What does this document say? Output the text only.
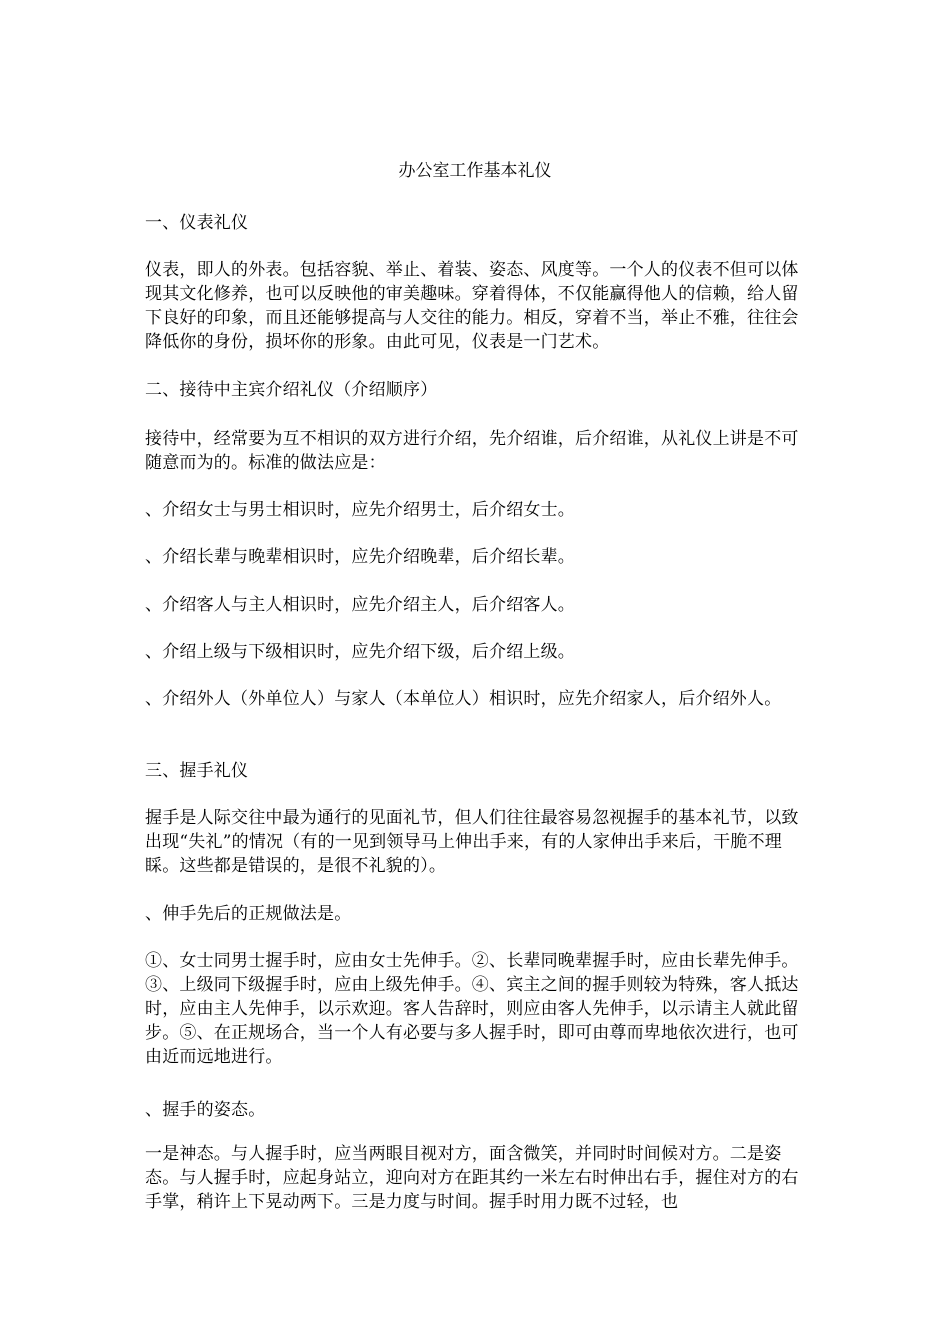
办公室工作基本礼仪

一、仪表礼仪

仪表，即人的外表。包括容貌、举止、着装、姿态、风度等。一个人的仪表不但可以体现其文化修养，也可以反映他的审美趣味。穿着得体，不仅能赢得他人的信赖，给人留下良好的印象，而且还能够提高与人交往的能力。相反，穿着不当，举止不雅，往往会降低你的身份，损坏你的形象。由此可见，仪表是一门艺术。

二、接待中主宾介绍礼仪（介绍顺序）

接待中，经常要为互不相识的双方进行介绍，先介绍谁，后介绍谁，从礼仪上讲是不可随意而为的。标准的做法应是：

、介绍女士与男士相识时，应先介绍男士，后介绍女士。

、介绍长辈与晚辈相识时，应先介绍晚辈，后介绍长辈。

、介绍客人与主人相识时，应先介绍主人，后介绍客人。

、介绍上级与下级相识时，应先介绍下级，后介绍上级。

、介绍外人（外单位人）与家人（本单位人）相识时，应先介绍家人，后介绍外人。

三、握手礼仪

握手是人际交往中最为通行的见面礼节，但人们往往最容易忽视握手的基本礼节，以致出现“失礼”的情况（有的一见到领导马上伸出手来，有的人家伸出手来后，干脆不理睬。这些都是错误的，是很不礼貌的）。

、伸手先后的正规做法是。

①、女士同男士握手时，应由女士先伸手。②、长辈同晚辈握手时，应由长辈先伸手。③、上级同下级握手时，应由上级先伸手。④、宾主之间的握手则较为特殊，客人抵达时，应由主人先伸手，以示欢迎。客人告辞时，则应由客人先伸手，以示请主人就此留步。⑤、在正规场合，当一个人有必要与多人握手时，即可由尊而卑地依次进行，也可由近而远地进行。

、握手的姿态。

一是神态。与人握手时，应当两眼目视对方，面含微笑，并同时时间候对方。二是姿态。与人握手时，应起身站立，迎向对方在距其约一米左右时伸出右手，握住对方的右手掌，稍许上下晃动两下。三是力度与时间。握手时用力既不过轻，也
